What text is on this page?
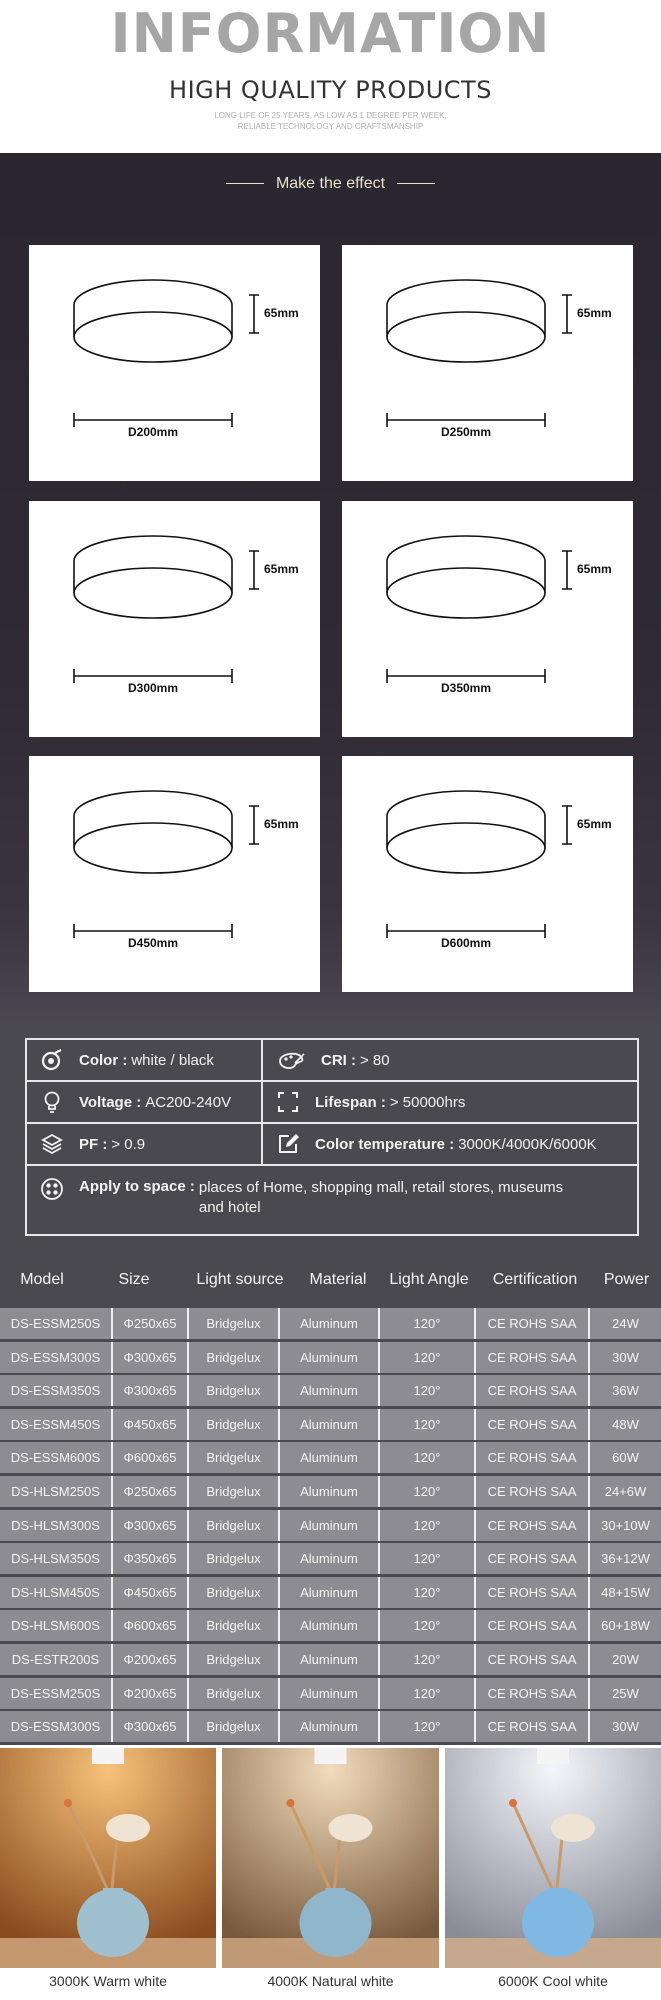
INFORMATION
HIGH QUALITY PRODUCTS
LONG LIFE OF 25 YEARS, AS LOW AS 1 DEGREE PER WEEK,
RELIABLE TECHNOLOGY AND CRAFTSMANSHIP
Make the effect
65mm
D200mm
65mm
D250mm
65mm
D300mm
65mm
D350mm
65mm
D450mm
65mm
D600mm
Color : white / black	CRI : > 80
Voltage : AC200-240V	Lifespan : > 50000hrs
PF : > 0.9	Color temperature : 3000K/4000K/6000K
Apply to space : places of Home, shopping mall, retail stores, museums
and hotel
Model	Size	Light source	Material	Light Angle	Certification	Power
DS-ESSM250S	Φ250x65	Bridgelux	Aluminum	120°	CE ROHS SAA	24W
DS-ESSM300S	Φ300x65	Bridgelux	Aluminum	120°	CE ROHS SAA	30W
DS-ESSM350S	Φ300x65	Bridgelux	Aluminum	120°	CE ROHS SAA	36W
DS-ESSM450S	Φ450x65	Bridgelux	Aluminum	120°	CE ROHS SAA	48W
DS-ESSM600S	Φ600x65	Bridgelux	Aluminum	120°	CE ROHS SAA	60W
DS-HLSM250S	Φ250x65	Bridgelux	Aluminum	120°	CE ROHS SAA	24+6W
DS-HLSM300S	Φ300x65	Bridgelux	Aluminum	120°	CE ROHS SAA	30+10W
DS-HLSM350S	Φ350x65	Bridgelux	Aluminum	120°	CE ROHS SAA	36+12W
DS-HLSM450S	Φ450x65	Bridgelux	Aluminum	120°	CE ROHS SAA	48+15W
DS-HLSM600S	Φ600x65	Bridgelux	Aluminum	120°	CE ROHS SAA	60+18W
DS-ESTR200S	Φ200x65	Bridgelux	Aluminum	120°	CE ROHS SAA	20W
DS-ESSM250S	Φ200x65	Bridgelux	Aluminum	120°	CE ROHS SAA	25W
DS-ESSM300S	Φ300x65	Bridgelux	Aluminum	120°	CE ROHS SAA	30W
3000K Warm white	4000K Natural white	6000K Cool white
